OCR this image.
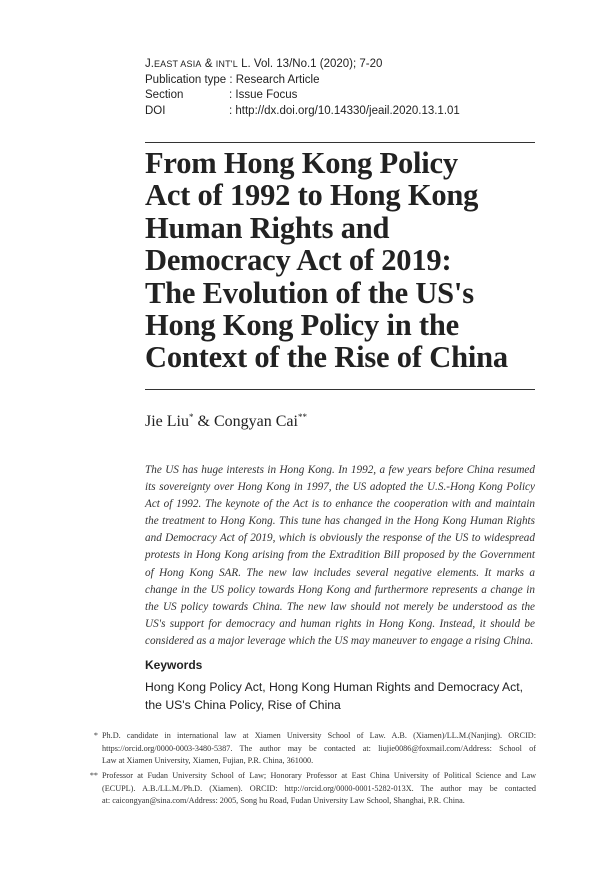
J. EAST ASIA & INT'L L. Vol. 13/No.1 (2020); 7-20
Publication type : Research Article
Section	: Issue Focus
DOI	: http://dx.doi.org/10.14330/jeail.2020.13.1.01
From Hong Kong Policy
Act of 1992 to Hong Kong
Human Rights and
Democracy Act of 2019:
The Evolution of the US's
Hong Kong Policy in the
Context of the Rise of China
Jie Liu* & Congyan Cai**
The US has huge interests in Hong Kong. In 1992, a few years before China resumed
its sovereignty over Hong Kong in 1997, the US adopted the U.S.-Hong Kong Policy
Act of 1992. The keynote of the Act is to enhance the cooperation with and maintain
the treatment to Hong Kong. This tune has changed in the Hong Kong Human Rights
and Democracy Act of 2019, which is obviously the response of the US to widespread
protests in Hong Kong arising from the Extradition Bill proposed by the Government
of Hong Kong SAR. The new law includes several negative elements. It marks a
change in the US policy towards Hong Kong and furthermore represents a change in
the US policy towards China. The new law should not merely be understood as the
US's support for democracy and human rights in Hong Kong. Instead, it should be
considered as a major leverage which the US may maneuver to engage a rising China.
Keywords
Hong Kong Policy Act, Hong Kong Human Rights and Democracy Act,
the US's China Policy, Rise of China
* Ph.D. candidate in international law at Xiamen University School of Law. A.B. (Xiamen)/LL.M.(Nanjing). ORCID:
https://orcid.org/0000-0003-3480-5387. The author may be contacted at: liujie0086@foxmail.com/Address: School of
Law at Xiamen University, Xiamen, Fujian, P.R. China, 361000.
** Professor at Fudan University School of Law; Honorary Professor at East China University of Political Science and Law
(ECUPL). A.B./LL.M./Ph.D. (Xiamen). ORCID: http://orcid.org/0000-0001-5282-013X. The author may be contacted
at: caicongyan@sina.com/Address: 2005, Song hu Road, Fudan University Law School, Shanghai, P.R. China.
